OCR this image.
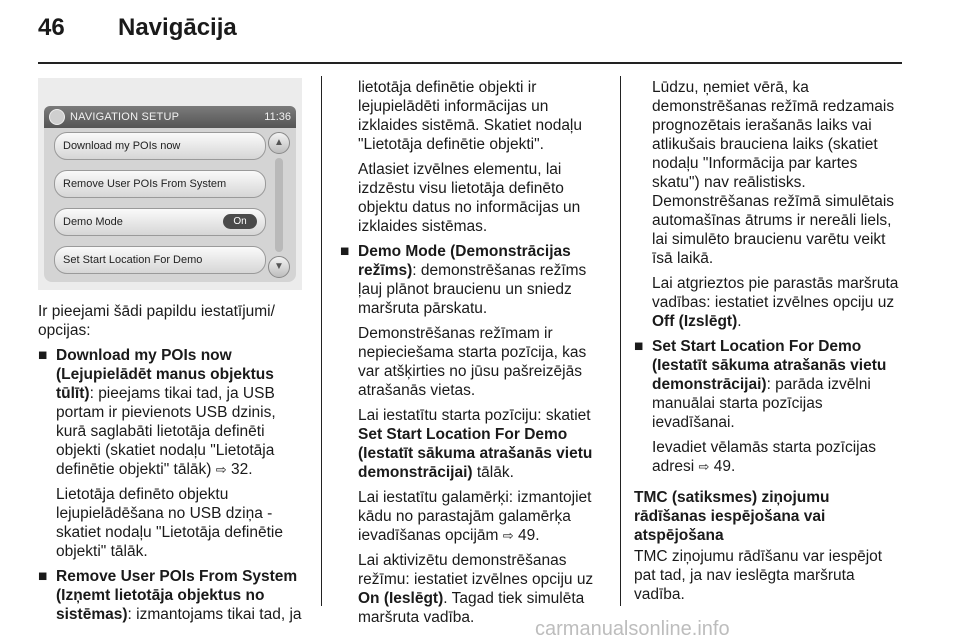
46 Navigācija
NAVIGATION SETUP	11:36
Download my POIs now
Remove User POIs From System
Demo Mode	On
Set Start Location For Demo
▲
▼

Ir pieejami šādi papildu iestatījumi/ opcijas:

■ Download my POIs now (Lejupielādēt manus objektus tūlīt): pieejams tikai tad, ja USB portam ir pievienots USB dzinis, kurā saglabāti lietotāja definēti objekti (skatiet nodaļu "Lietotāja definētie objekti" tālāk) ⇨ 32.
Lietotāja definēto objektu lejupielādēšana no USB dziņa - skatiet nodaļu "Lietotāja definētie objekti" tālāk.
■ Remove User POIs From System (Izņemt lietotāja objektus no sistēmas): izmantojams tikai tad, ja

lietotāja definētie objekti ir lejupielādēti informācijas un izklaides sistēmā. Skatiet nodaļu "Lietotāja definētie objekti".

Atlasiet izvēlnes elementu, lai izdzēstu visu lietotāja definēto objektu datus no informācijas un izklaides sistēmas.

■ Demo Mode (Demonstrācijas režīms): demonstrēšanas režīms ļauj plānot braucienu un sniedz maršruta pārskatu.
Demonstrēšanas režīmam ir nepieciešama starta pozīcija, kas var atšķirties no jūsu pašreizējās atrašanās vietas.
Lai iestatītu starta pozīciju: skatiet Set Start Location For Demo (Iestatīt sākuma atrašanās vietu demonstrācijai) tālāk.
Lai iestatītu galamērķi: izmantojiet kādu no parastajām galamērķa ievadīšanas opcijām ⇨ 49.
Lai aktivizētu demonstrēšanas režīmu: iestatiet izvēlnes opciju uz On (Ieslēgt). Tagad tiek simulēta maršruta vadība.

Lūdzu, ņemiet vērā, ka demonstrēšanas režīmā redzamais prognozētais ierašanās laiks vai atlikušais brauciena laiks (skatiet nodaļu "Informācija par kartes skatu") nav reālistisks. Demonstrēšanas režīmā simulētais automašīnas ātrums ir nereāli liels, lai simulēto braucienu varētu veikt īsā laikā.

Lai atgrieztos pie parastās maršruta vadības: iestatiet izvēlnes opciju uz Off (Izslēgt).

■ Set Start Location For Demo (Iestatīt sākuma atrašanās vietu demonstrācijai): parāda izvēlni manuālai starta pozīcijas ievadīšanai.
Ievadiet vēlamās starta pozīcijas adresi ⇨ 49.

TMC (satiksmes) ziņojumu rādīšanas iespējošana vai atspējošana

TMC ziņojumu rādīšanu var iespējot pat tad, ja nav ieslēgta maršruta vadība.

carmanualsonline.info
